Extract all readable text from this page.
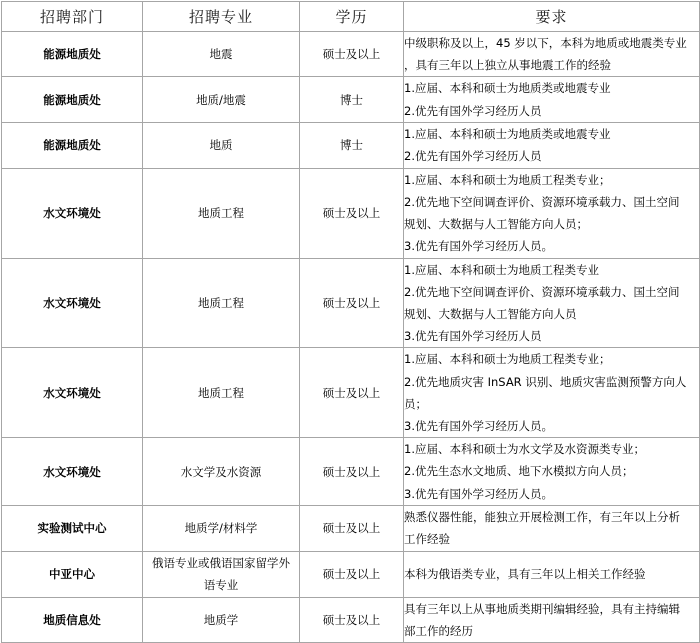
招聘部门	招聘专业	学历	要求
能源地质处	地震	硕士及以上	中级职称及以上，45 岁以下，本科为地质或地震类专业
，具有三年以上独立从事地震工作的经验

能源地质处	地质/地震	博士	1.应届、本科和硕士为地质类或地震专业
2.优先有国外学习经历人员

能源地质处	地质	博士	1.应届、本科和硕士为地质类或地震专业
2.优先有国外学习经历人员

水文环境处	地质工程	硕士及以上	1.应届、本科和硕士为地质工程类专业；
2.优先地下空间调查评价、资源环境承载力、国土空间
规划、大数据与人工智能方向人员；
3.优先有国外学习经历人员。

水文环境处	地质工程	硕士及以上	1.应届、本科和硕士为地质工程类专业
2.优先地下空间调查评价、资源环境承载力、国土空间
规划、大数据与人工智能方向人员
3.优先有国外学习经历人员

水文环境处	地质工程	硕士及以上	1.应届、本科和硕士为地质工程类专业；
2.优先地质灾害 InSAR 识别、地质灾害监测预警方向人
员；
3.优先有国外学习经历人员。

水文环境处	水文学及水资源	硕士及以上	1.应届、本科和硕士为水文学及水资源类专业；
2.优先生态水文地质、地下水模拟方向人员；
3.优先有国外学习经历人员。

实验测试中心	地质学/材料学	硕士及以上	熟悉仪器性能，能独立开展检测工作，有三年以上分析
工作经验

中亚中心	俄语专业或俄语国家留学外
语专业	硕士及以上	本科为俄语类专业，具有三年以上相关工作经验

地质信息处	地质学	硕士及以上	具有三年以上从事地质类期刊编辑经验，具有主持编辑
部工作的经历
